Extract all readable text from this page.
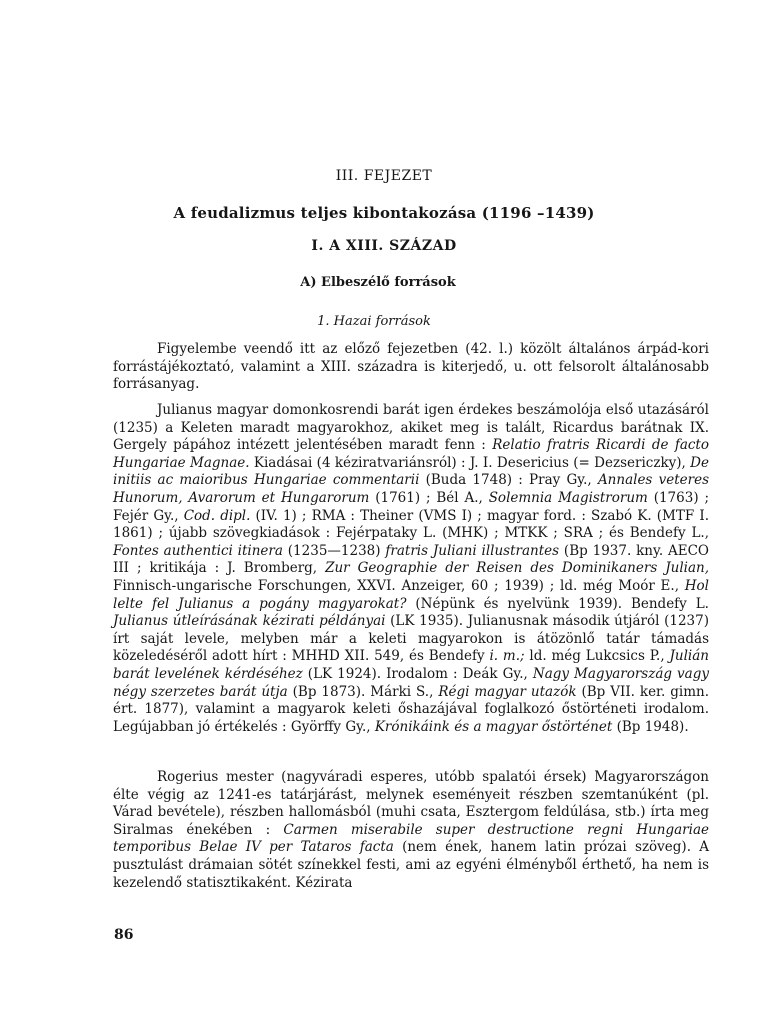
III. FEJEZET
A feudalizmus teljes kibontakozása (1196 –1439)
I. A XIII. SZÁZAD
A) Elbeszélő források
1. Hazai források

Figyelembe veendő itt az előző fejezetben (42. l.) közölt általános árpád-kori forrástájékoztató, valamint a XIII. századra is kiterjedő, u. ott felsorolt általánosabb forrásanyag.

Julianus magyar domonkosrendi barát igen érdekes beszámolója első utazásáról (1235) a Keleten maradt magyarokhoz, akiket meg is talált, Ricardus barátnak IX. Gergely pápához intézett jelentésében maradt fenn : Relatio fratris Ricardi de facto Hungariae Magnae. Kiadásai (4 kéziratvariánsról) : J. I. Desericius (= Dezsericzky), De initiis ac maioribus Hungariae commentarii (Buda 1748) : Pray Gy., Annales veteres Hunorum, Avarorum et Hungarorum (1761) ; Bél A., Solemnia Magistrorum (1763) ; Fejér Gy., Cod. dipl. (IV. 1) ; RMA : Theiner (VMS I) ; magyar ford. : Szabó K. (MTF I. 1861) ; újabb szövegkiadások : Fejérpataky L. (MHK) ; MTKK ; SRA ; és Bendefy L., Fontes authentici itinera (1235—1238) fratris Juliani illustrantes (Bp 1937. kny. AECO III ; kritikája : J. Bromberg, Zur Geographie der Reisen des Dominikaners Julian, Finnisch-ungarische Forschungen, XXVI. Anzeiger, 60 ; 1939) ; ld. még Moór E., Hol lelte fel Julianus a pogány magyarokat? (Népünk és nyelvünk 1939). Bendefy L. Julianus útleírásának kézirati példányai (LK 1935). Julianusnak második útjáról (1237) írt saját levele, melyben már a keleti magyarokon is átözönlő tatár támadás közeledéséről adott hírt : MHHD XII. 549, és Bendefy i. m.; ld. még Lukcsics P., Julián barát levelének kérdéséhez (LK 1924). Irodalom : Deák Gy., Nagy Magyarország vagy négy szerzetes barát útja (Bp 1873). Márki S., Régi magyar utazók (Bp VII. ker. gimn. ért. 1877), valamint a magyarok keleti őshazájával foglalkozó őstörténeti irodalom. Legújabban jó értékelés : Györffy Gy., Krónikáink és a magyar őstörténet (Bp 1948).

Rogerius mester (nagyváradi esperes, utóbb spalatói érsek) Magyarországon élte végig az 1241-es tatárjárást, melynek eseményeit részben szemtanúként (pl. Várad bevétele), részben hallomásból (muhi csata, Esztergom feldúlása, stb.) írta meg Siralmas énekében : Carmen miserabile super destructione regni Hungariae temporibus Belae IV per Tataros facta (nem ének, hanem latin prózai szöveg). A pusztulást drámaian sötét színekkel festi, ami az egyéni élményből érthető, ha nem is kezelendő statisztikaként. Kézirata

86
